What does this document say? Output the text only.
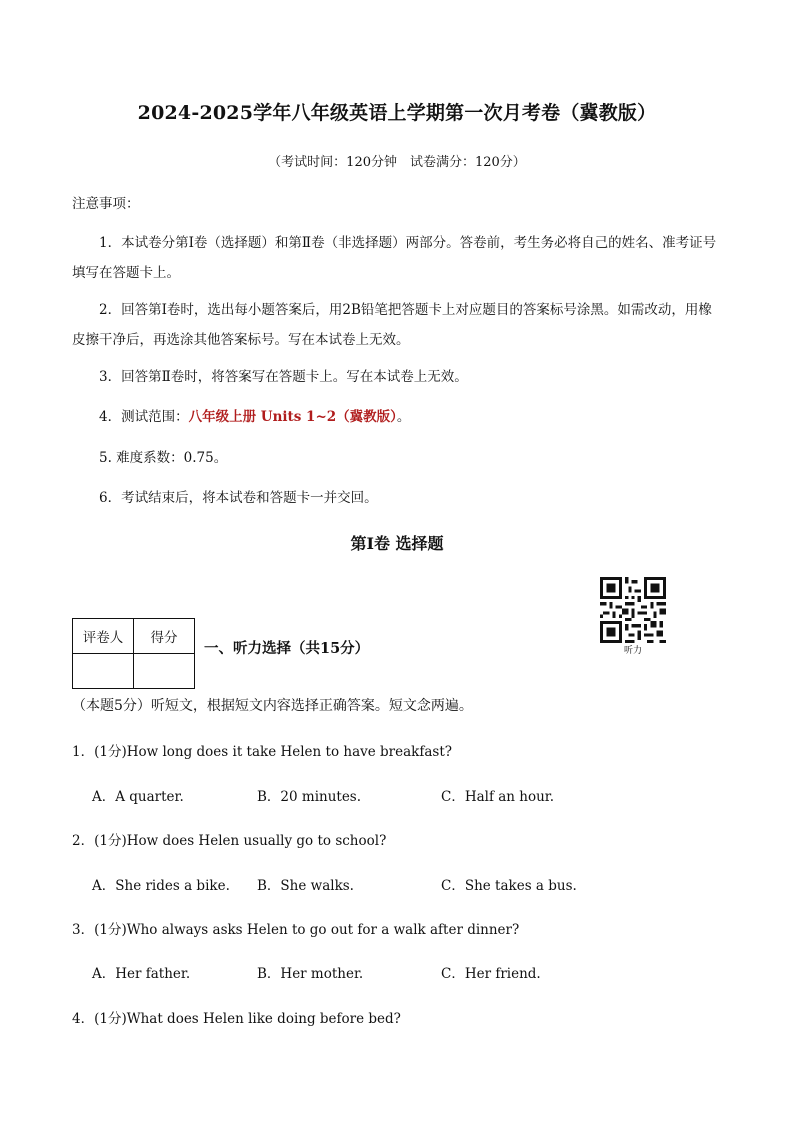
2024-2025学年八年级英语上学期第一次月考卷（冀教版）
（考试时间：120分钟　试卷满分：120分）
注意事项：
1．本试卷分第Ⅰ卷（选择题）和第Ⅱ卷（非选择题）两部分。答卷前，考生务必将自己的姓名、准考证号填写在答题卡上。
2．回答第Ⅰ卷时，选出每小题答案后，用2B铅笔把答题卡上对应题目的答案标号涂黑。如需改动，用橡皮擦干净后，再选涂其他答案标号。写在本试卷上无效。
3．回答第Ⅱ卷时，将答案写在答题卡上。写在本试卷上无效。
4．测试范围：八年级上册 Units 1~2（冀教版）。
5. 难度系数：0.75。
6．考试结束后，将本试卷和答题卡一并交回。
第Ⅰ卷 选择题
听力
评卷人	得分

一、听力选择（共15分）
（本题5分）听短文，根据短文内容选择正确答案。短文念两遍。
1．(1分)How long does it take Helen to have breakfast?
A．A quarter.	B．20 minutes.	C．Half an hour.
2．(1分)How does Helen usually go to school?
A．She rides a bike. B．She walks.	C．She takes a bus.
3．(1分)Who always asks Helen to go out for a walk after dinner?
A．Her father.	B．Her mother.	C．Her friend.
4．(1分)What does Helen like doing before bed?
